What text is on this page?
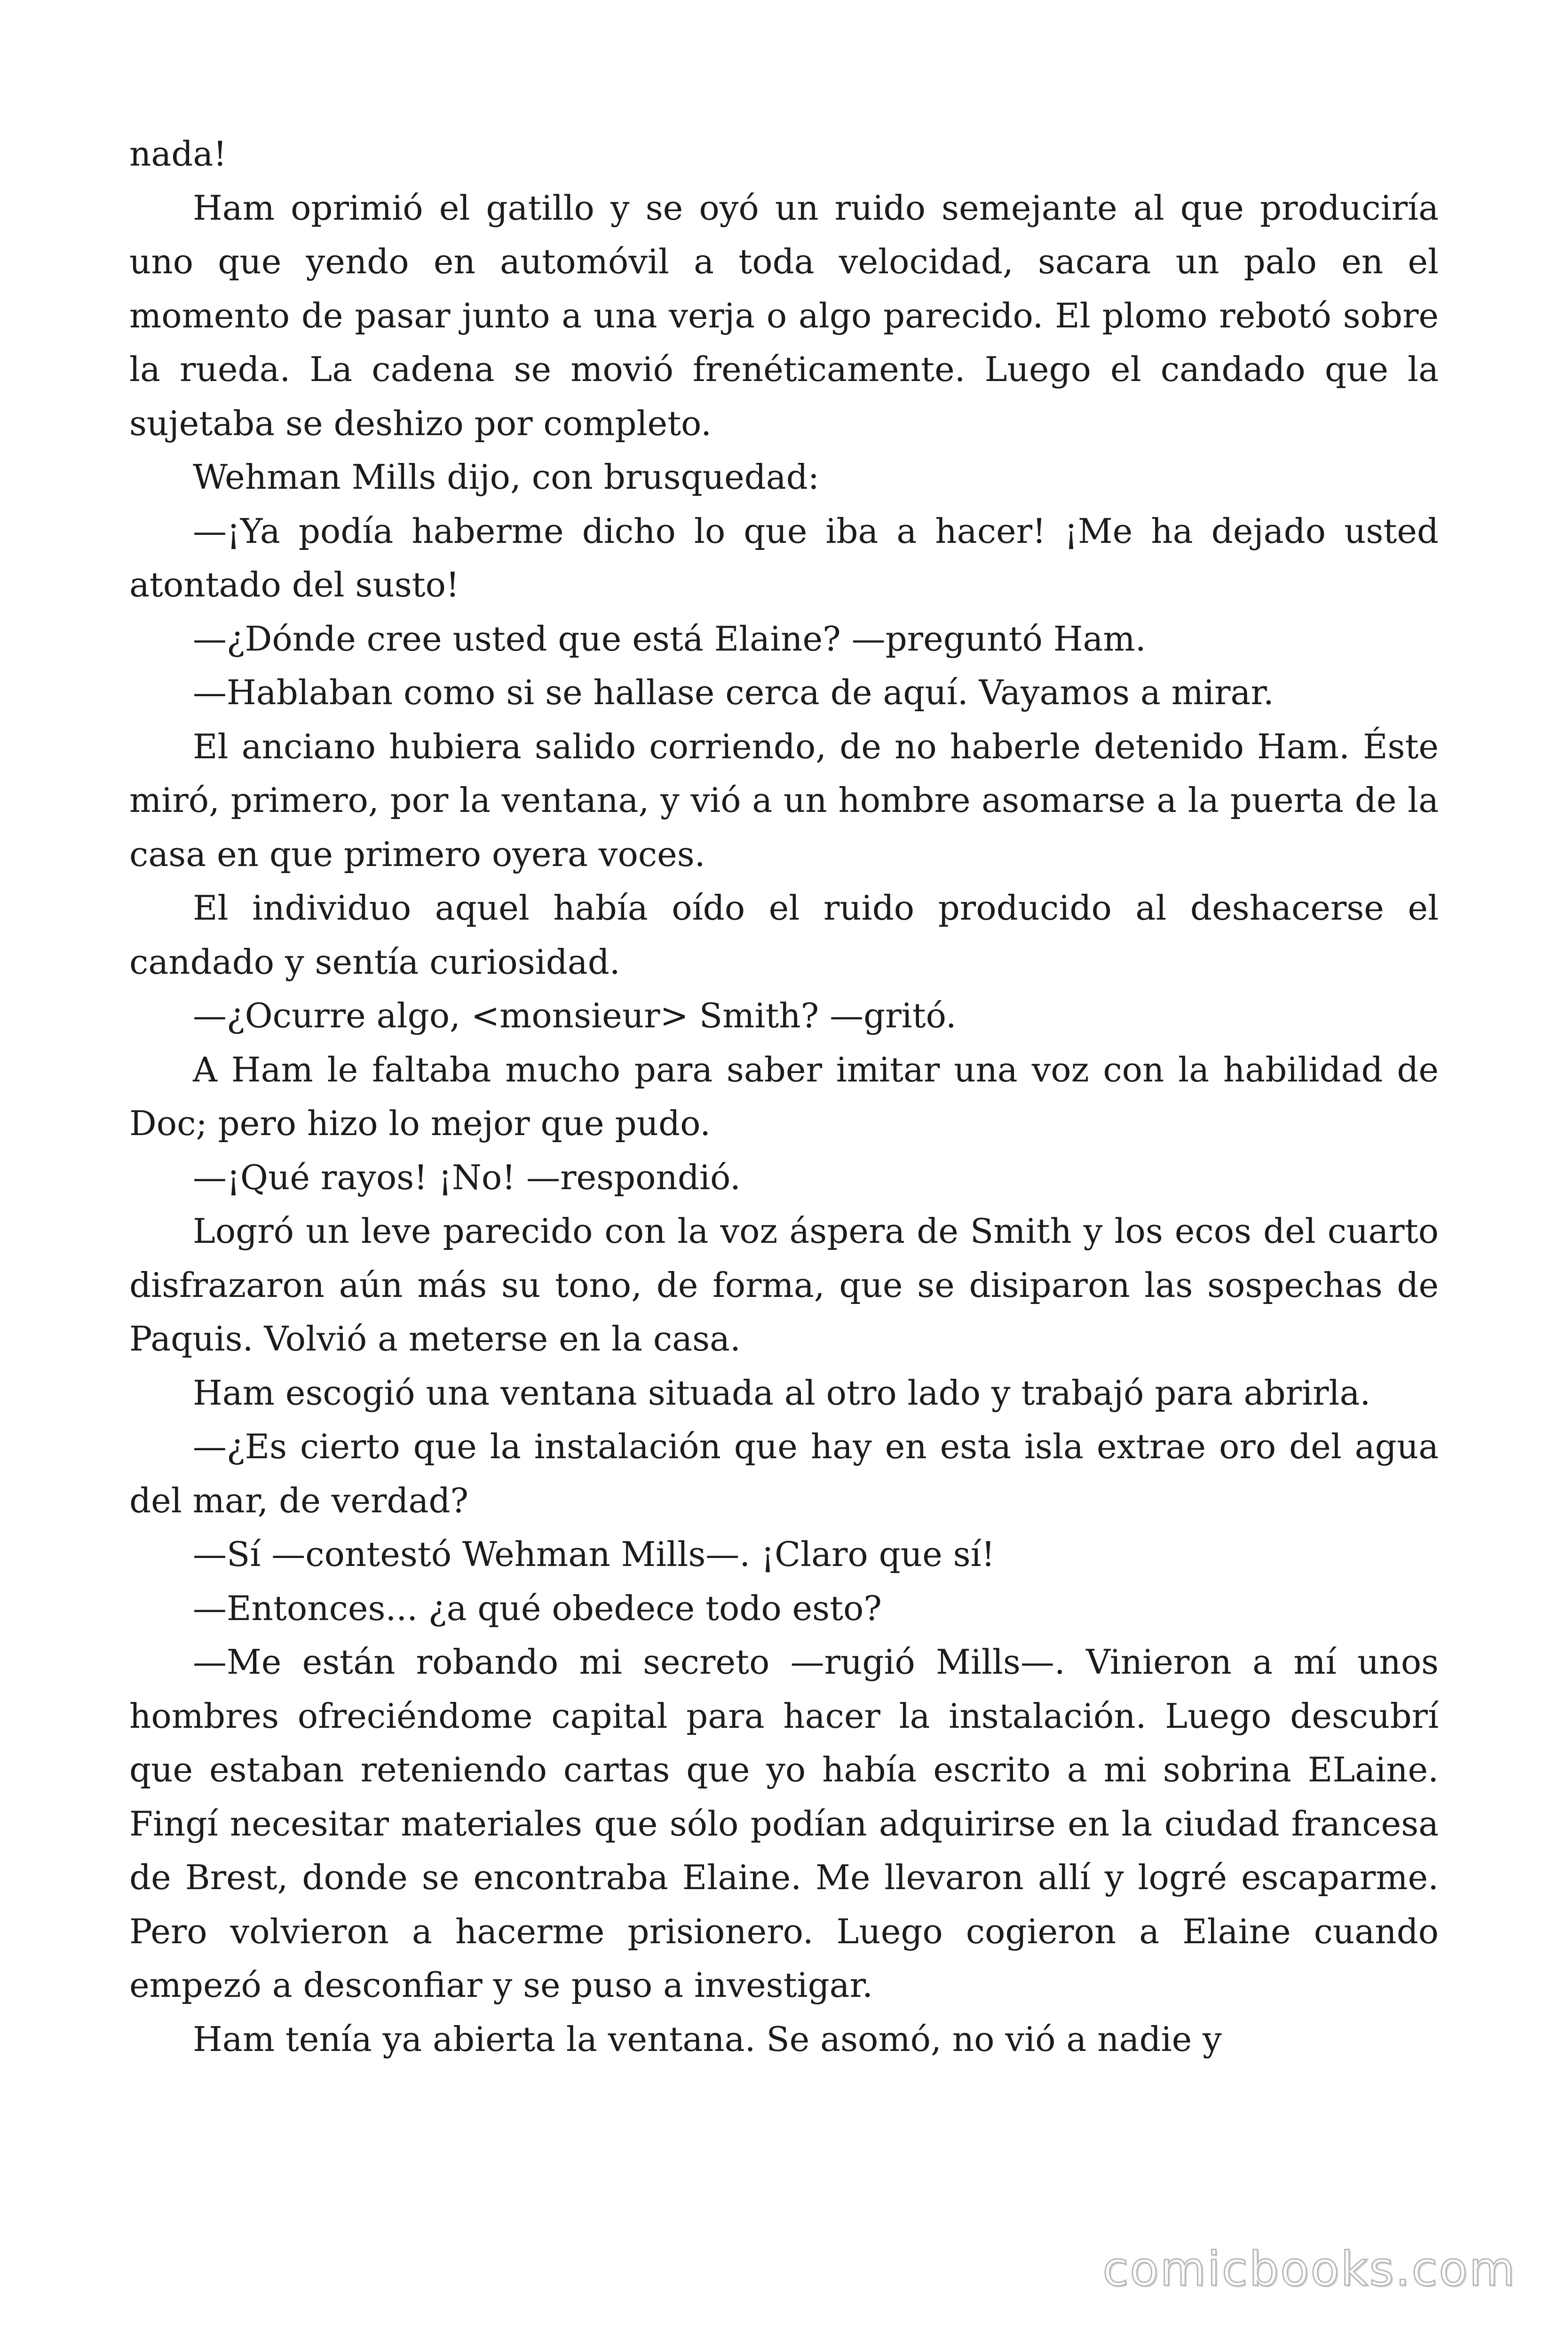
nada!

Ham oprimió el gatillo y se oyó un ruido semejante al que produciría uno que yendo en automóvil a toda velocidad, sacara un palo en el momento de pasar junto a una verja o algo parecido. El plomo rebotó sobre la rueda. La cadena se movió frenéticamente. Luego el candado que la sujetaba se deshizo por completo.

Wehman Mills dijo, con brusquedad:

—¡Ya podía haberme dicho lo que iba a hacer! ¡Me ha dejado usted atontado del susto!

—¿Dónde cree usted que está Elaine? —preguntó Ham.

—Hablaban como si se hallase cerca de aquí. Vayamos a mirar.

El anciano hubiera salido corriendo, de no haberle detenido Ham. Éste miró, primero, por la ventana, y vió a un hombre asomarse a la puerta de la casa en que primero oyera voces.

El individuo aquel había oído el ruido producido al deshacerse el candado y sentía curiosidad.

—¿Ocurre algo, <monsieur> Smith? —gritó.

A Ham le faltaba mucho para saber imitar una voz con la habilidad de Doc; pero hizo lo mejor que pudo.

—¡Qué rayos! ¡No! —respondió.

Logró un leve parecido con la voz áspera de Smith y los ecos del cuarto disfrazaron aún más su tono, de forma, que se disiparon las sospechas de Paquis. Volvió a meterse en la casa.

Ham escogió una ventana situada al otro lado y trabajó para abrirla.

—¿Es cierto que la instalación que hay en esta isla extrae oro del agua del mar, de verdad?

—Sí —contestó Wehman Mills—. ¡Claro que sí!

—Entonces... ¿a qué obedece todo esto?

—Me están robando mi secreto —rugió Mills—. Vinieron a mí unos hombres ofreciéndome capital para hacer la instalación. Luego descubrí que estaban reteniendo cartas que yo había escrito a mi sobrina ELaine. Fingí necesitar materiales que sólo podían adquirirse en la ciudad francesa de Brest, donde se encontraba Elaine. Me llevaron allí y logré escaparme. Pero volvieron a hacerme prisionero. Luego cogieron a Elaine cuando empezó a desconfiar y se puso a investigar.

Ham tenía ya abierta la ventana. Se asomó, no vió a nadie y

comicbooks.com
